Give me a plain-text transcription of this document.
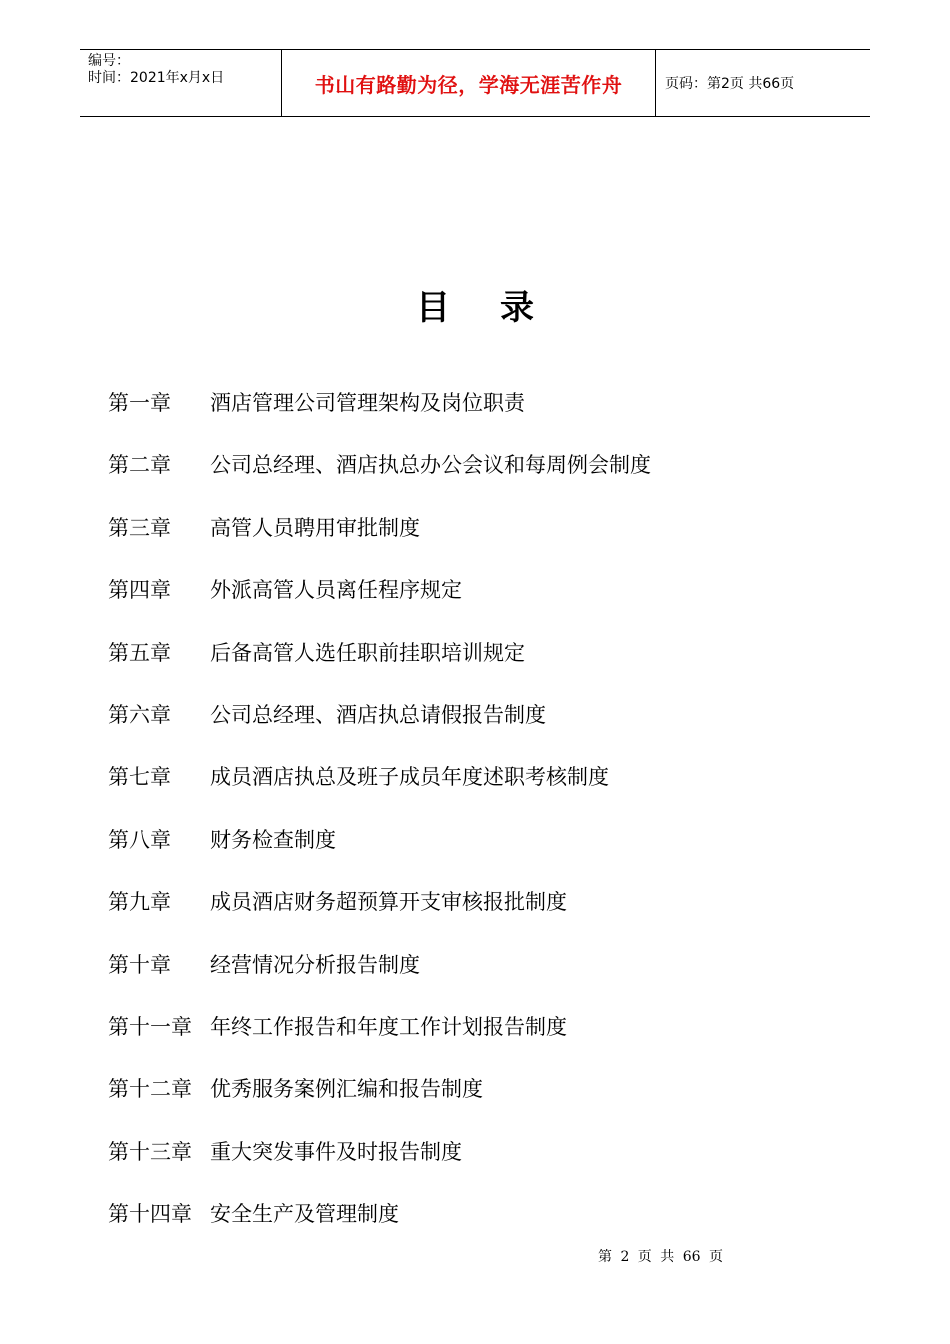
编号：
时间：2021年x月x日	书山有路勤为径，学海无涯苦作舟	页码：第2页 共66页
目 录
第一章	酒店管理公司管理架构及岗位职责
第二章	公司总经理、酒店执总办公会议和每周例会制度
第三章	高管人员聘用审批制度
第四章	外派高管人员离任程序规定
第五章	后备高管人选任职前挂职培训规定
第六章	公司总经理、酒店执总请假报告制度
第七章	成员酒店执总及班子成员年度述职考核制度
第八章	财务检查制度
第九章	成员酒店财务超预算开支审核报批制度
第十章	经营情况分析报告制度
第十一章 年终工作报告和年度工作计划报告制度
第十二章 优秀服务案例汇编和报告制度
第十三章 重大突发事件及时报告制度
第十四章 安全生产及管理制度
第 2 页 共 66 页
